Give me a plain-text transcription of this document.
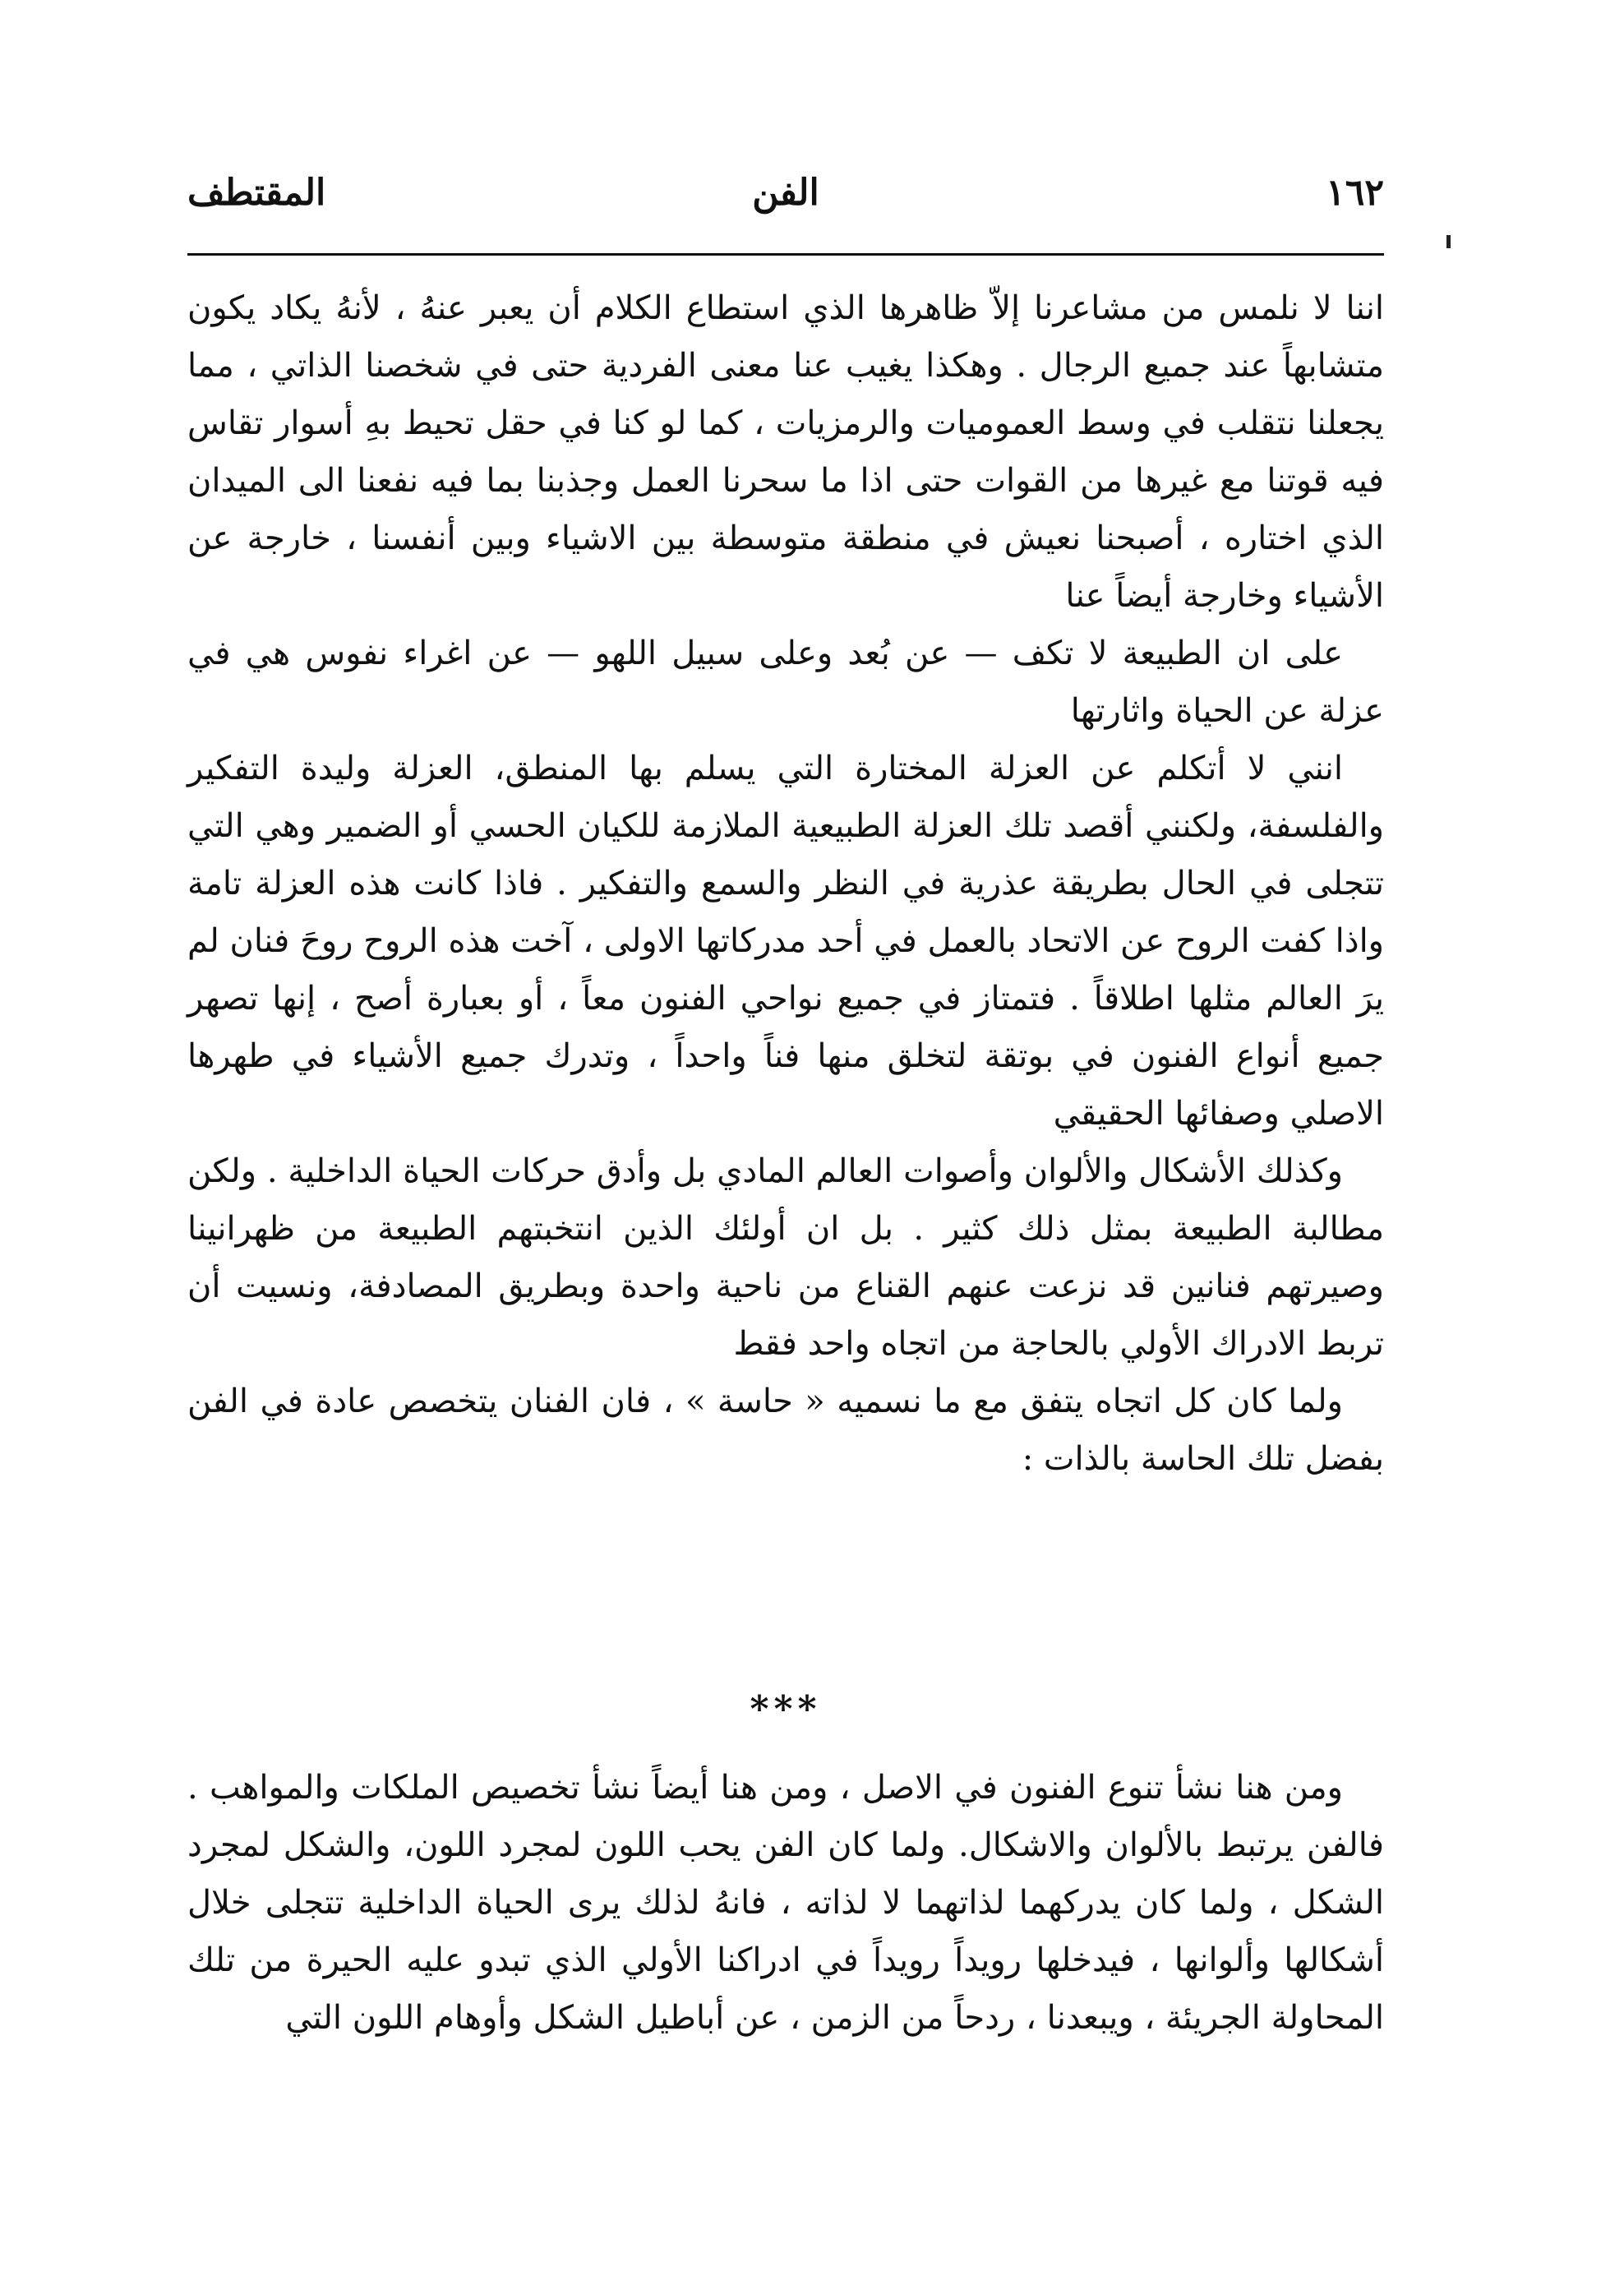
١٦٢
الفن
المقتطف

اننا لا نلمس من مشاعرنا إلاّ ظاهرها الذي استطاع الكلام أن يعبر عنهُ ، لأنهُ يكاد يكون متشابهاً عند جميع الرجال . وهكذا يغيب عنا معنى الفردية حتى في شخصنا الذاتي ، مما يجعلنا نتقلب في وسط العموميات والرمزيات ، كما لو كنا في حقل تحيط بهِ أسوار تقاس فيه قوتنا مع غيرها من القوات حتى اذا ما سحرنا العمل وجذبنا بما فيه نفعنا الى الميدان الذي اختاره ، أصبحنا نعيش في منطقة متوسطة بين الاشياء وبين أنفسنا ، خارجة عن الأشياء وخارجة أيضاً عنا

على ان الطبيعة لا تكف — عن بُعد وعلى سبيل اللهو — عن اغراء نفوس هي في عزلة عن الحياة واثارتها

انني لا أتكلم عن العزلة المختارة التي يسلم بها المنطق، العزلة وليدة التفكير والفلسفة، ولكنني أقصد تلك العزلة الطبيعية الملازمة للكيان الحسي أو الضمير وهي التي تتجلى في الحال بطريقة عذرية في النظر والسمع والتفكير . فاذا كانت هذه العزلة تامة واذا كفت الروح عن الاتحاد بالعمل في أحد مدركاتها الاولى ، آخت هذه الروح روحَ فنان لم يرَ العالم مثلها اطلاقاً . فتمتاز في جميع نواحي الفنون معاً ، أو بعبارة أصح ، إنها تصهر جميع أنواع الفنون في بوتقة لتخلق منها فناً واحداً ، وتدرك جميع الأشياء في طهرها الاصلي وصفائها الحقيقي

وكذلك الأشكال والألوان وأصوات العالم المادي بل وأدق حركات الحياة الداخلية . ولكن مطالبة الطبيعة بمثل ذلك كثير . بل ان أولئك الذين انتخبتهم الطبيعة من ظهرانينا وصيرتهم فنانين قد نزعت عنهم القناع من ناحية واحدة وبطريق المصادفة، ونسيت أن تربط الادراك الأولي بالحاجة من اتجاه واحد فقط

ولما كان كل اتجاه يتفق مع ما نسميه « حاسة » ، فان الفنان يتخصص عادة في الفن بفضل تلك الحاسة بالذات :

***

ومن هنا نشأ تنوع الفنون في الاصل ، ومن هنا أيضاً نشأ تخصيص الملكات والمواهب . فالفن يرتبط بالألوان والاشكال. ولما كان الفن يحب اللون لمجرد اللون، والشكل لمجرد الشكل ، ولما كان يدركهما لذاتهما لا لذاته ، فانهُ لذلك يرى الحياة الداخلية تتجلى خلال أشكالها وألوانها ، فيدخلها رويداً رويداً في ادراكنا الأولي الذي تبدو عليه الحيرة من تلك المحاولة الجريئة ، ويبعدنا ، ردحاً من الزمن ، عن أباطيل الشكل وأوهام اللون التي
